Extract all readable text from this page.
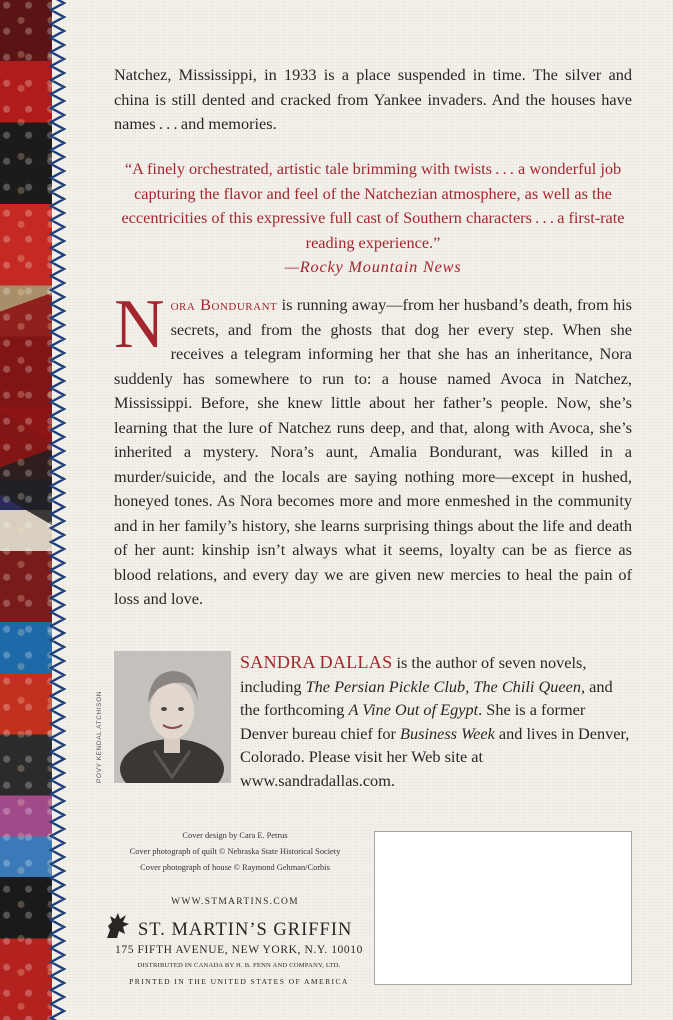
Natchez, Mississippi, in 1933 is a place suspended in time. The silver and china is still dented and cracked from Yankee invaders. And the houses have names . . . and memories.

“A finely orchestrated, artistic tale brimming with twists . . . a wonderful job capturing the flavor and feel of the Natchezian atmosphere, as well as the eccentricities of this expressive full cast of Southern characters . . . a first-rate reading experience.”
—Rocky Mountain News

Nora Bondurant is running away—from her husband’s death, from his secrets, and from the ghosts that dog her every step. When she receives a telegram informing her that she has an inheritance, Nora suddenly has somewhere to run to: a house named Avoca in Natchez, Mississippi. Before, she knew little about her father’s people. Now, she’s learning that the lure of Natchez runs deep, and that, along with Avoca, she’s inherited a mystery. Nora’s aunt, Amalia Bondurant, was killed in a murder/suicide, and the locals are saying nothing more—except in hushed, honeyed tones. As Nora becomes more and more enmeshed in the community and in her family’s history, she learns surprising things about the life and death of her aunt: kinship isn’t always what it seems, loyalty can be as fierce as blood relations, and every day we are given new mercies to heal the pain of loss and love.

POVY KENDAL ATCHISON
SANDRA DALLAS is the author of seven novels, including The Persian Pickle Club, The Chili Queen, and the forthcoming A Vine Out of Egypt. She is a former Denver bureau chief for Business Week and lives in Denver, Colorado. Please visit her Web site at www.sandradallas.com.
Cover design by Cara E. Petrus
Cover photograph of quilt © Nebraska State Historical Society
Cover photograph of house © Raymond Gehman/Corbis
WWW.STMARTINS.COM
ST. MARTIN’S GRIFFIN
175 FIFTH AVENUE, NEW YORK, N.Y. 10010
DISTRIBUTED IN CANADA BY H. B. FENN AND COMPANY, LTD.
PRINTED IN THE UNITED STATES OF AMERICA
